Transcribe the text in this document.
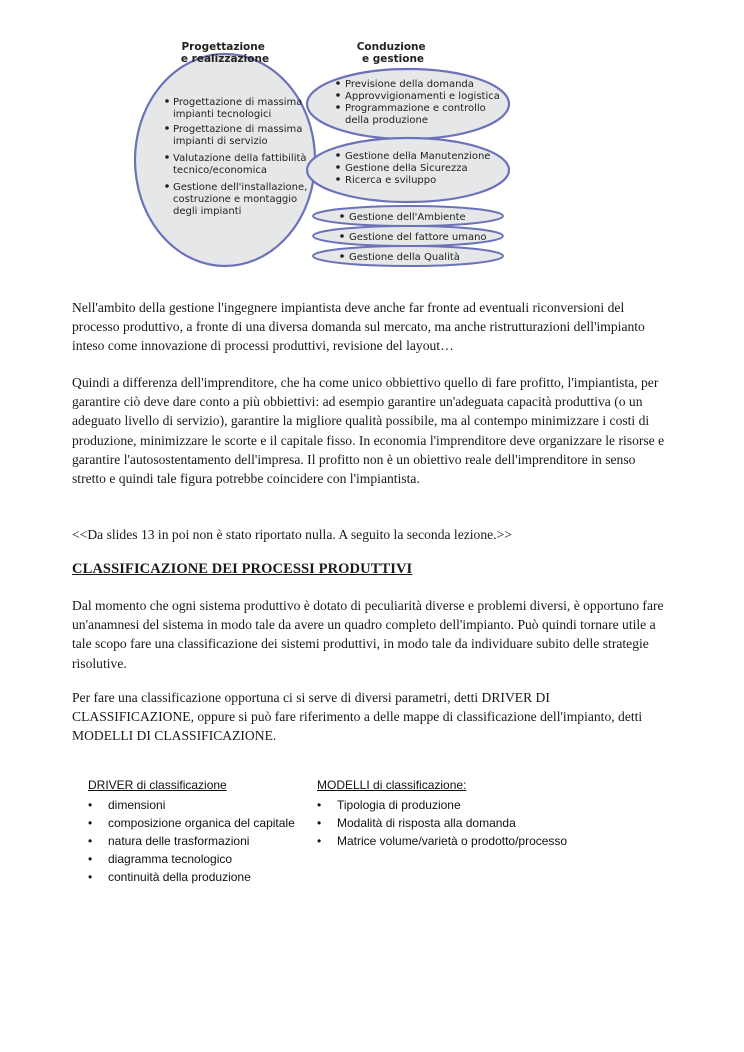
Progettazione e realizzazione
Conduzione e gestione
Progettazione di massima impianti tecnologici
Progettazione di massima impianti di servizio
Valutazione della fattibilità tecnico/economica
Gestione dell'installazione, costruzione e montaggio degli impianti
Previsione della domanda
Approvvigionamenti e logistica
Programmazione e controllo della produzione
Gestione della Manutenzione
Gestione della Sicurezza
Ricerca e sviluppo
Gestione dell'Ambiente
Gestione del fattore umano
Gestione della Qualità

Nell'ambito della gestione l'ingegnere impiantista deve anche far fronte ad eventuali riconversioni del processo produttivo, a fronte di una diversa domanda sul mercato, ma anche ristrutturazioni dell'impianto inteso come innovazione di processi produttivi, revisione del layout…

Quindi a differenza dell'imprenditore, che ha come unico obbiettivo quello di fare profitto, l'impiantista, per garantire ciò deve dare conto a più obbiettivi: ad esempio garantire un'adeguata capacità produttiva (o un adeguato livello di servizio), garantire la migliore qualità possibile, ma al contempo minimizzare i costi di produzione, minimizzare le scorte e il capitale fisso. In economia l'imprenditore deve organizzare le risorse e garantire l'autosostentamento dell'impresa. Il profitto non è un obiettivo reale dell'imprenditore in senso stretto e quindi tale figura potrebbe coincidere con l'impiantista.

<<Da slides 13 in poi non è stato riportato nulla. A seguito la seconda lezione.>>

CLASSIFICAZIONE DEI PROCESSI PRODUTTIVI

Dal momento che ogni sistema produttivo è dotato di peculiarità diverse e problemi diversi, è opportuno fare un'anamnesi del sistema in modo tale da avere un quadro completo dell'impianto. Può quindi tornare utile a tale scopo fare una classificazione dei sistemi produttivi, in modo tale da individuare subito delle strategie risolutive.

Per fare una classificazione opportuna ci si serve di diversi parametri, detti DRIVER DI CLASSIFICAZIONE, oppure si può fare riferimento a delle mappe di classificazione dell'impianto, detti MODELLI DI CLASSIFICAZIONE.

DRIVER di classificazione
• dimensioni
• composizione organica del capitale
• natura delle trasformazioni
• diagramma tecnologico
• continuità della produzione
MODELLI di classificazione:
• Tipologia di produzione
• Modalità di risposta alla domanda
• Matrice volume/varietà o prodotto/processo
